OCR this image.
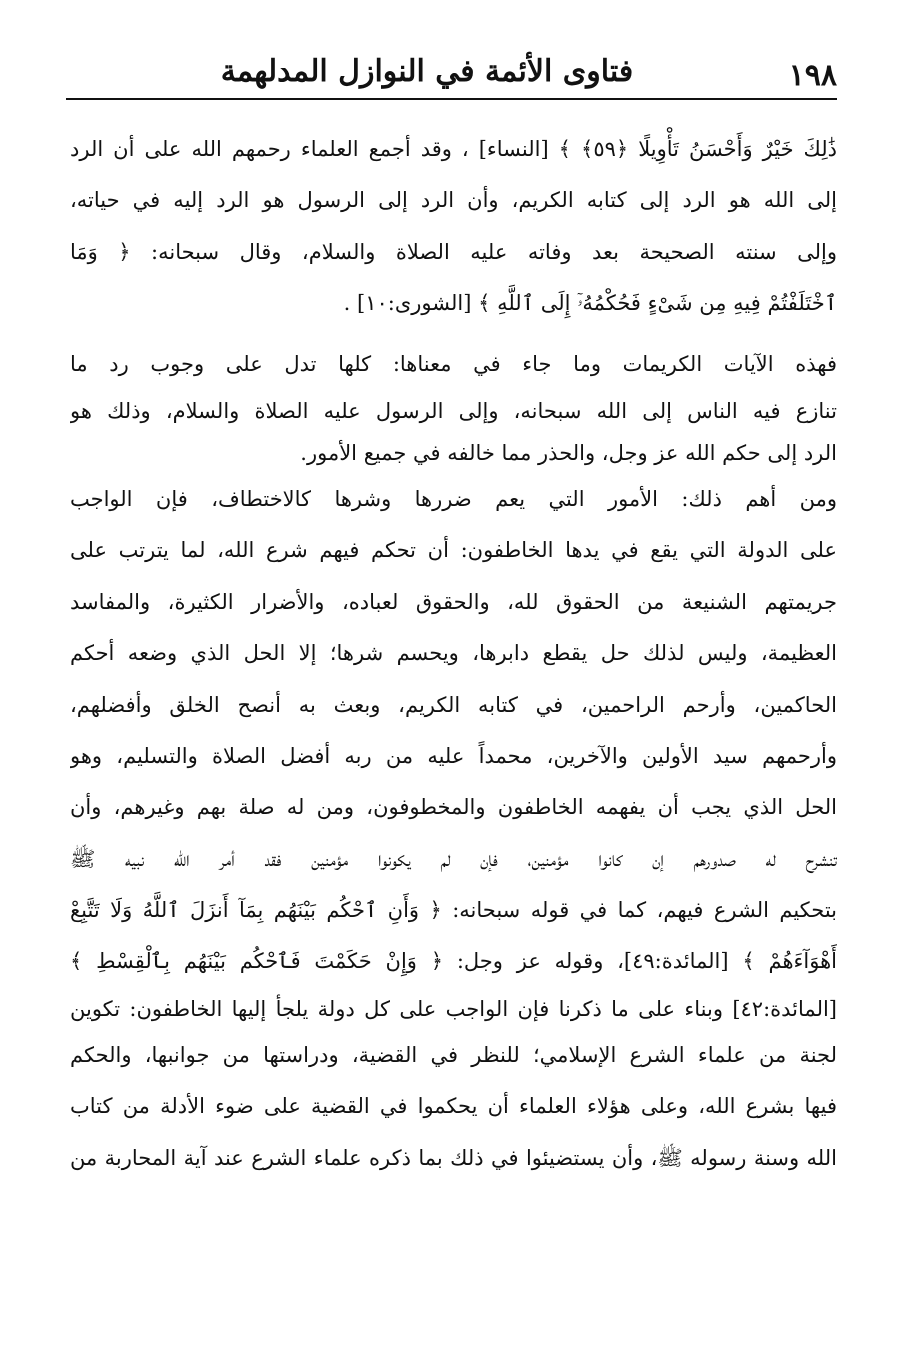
١٩٨
فتاوى الأئمة في النوازل المدلهمة
ذَٰلِكَ خَيْرٌ وَأَحْسَنُ تَأْوِيلًا ﴿٥٩﴾ ﴾ [النساء] ، وقد أجمع العلماء رحمهم الله على أن الرد
إلى الله هو الرد إلى كتابه الكريم، وأن الرد إلى الرسول هو الرد إليه في حياته،
وإلى سنته الصحيحة بعد وفاته عليه الصلاة والسلام، وقال سبحانه: ﴿ وَمَا
ٱخْتَلَفْتُمْ فِيهِ مِن شَىْءٍ فَحُكْمُهُۥٓ إِلَى ٱللَّهِ ﴾ [الشورى:١٠] .
فهذه الآيات الكريمات وما جاء في معناها: كلها تدل على وجوب رد ما
تنازع فيه الناس إلى الله سبحانه، وإلى الرسول عليه الصلاة والسلام، وذلك هو
الرد إلى حكم الله عز وجل، والحذر مما خالفه في جميع الأمور.
ومن أهم ذلك: الأمور التي يعم ضررها وشرها كالاختطاف، فإن الواجب
على الدولة التي يقع في يدها الخاطفون: أن تحكم فيهم شرع الله، لما يترتب على
جريمتهم الشنيعة من الحقوق لله، والحقوق لعباده، والأضرار الكثيرة، والمفاسد
العظيمة، وليس لذلك حل يقطع دابرها، ويحسم شرها؛ إلا الحل الذي وضعه أحكم
الحاكمين، وأرحم الراحمين، في كتابه الكريم، وبعث به أنصح الخلق وأفضلهم،
وأرحمهم سيد الأولين والآخرين، محمداً عليه من ربه أفضل الصلاة والتسليم، وهو
الحل الذي يجب أن يفهمه الخاطفون والمخطوفون، ومن له صلة بهم وغيرهم، وأن
تنشرح له صدورهم إن كانوا مؤمنين، فإن لم يكونوا مؤمنين فقد أمر الله نبيه ﷺ
بتحكيم الشرع فيهم، كما في قوله سبحانه: ﴿ وَأَنِ ٱحْكُم بَيْنَهُم بِمَآ أَنزَلَ ٱللَّهُ وَلَا تَتَّبِعْ
أَهْوَآءَهُمْ ﴾ [المائدة:٤٩]، وقوله عز وجل: ﴿ وَإِنْ حَكَمْتَ فَٱحْكُم بَيْنَهُم بِٱلْقِسْطِ ﴾
[المائدة:٤٢] وبناء على ما ذكرنا فإن الواجب على كل دولة يلجأ إليها الخاطفون: تكوين
لجنة من علماء الشرع الإسلامي؛ للنظر في القضية، ودراستها من جوانبها، والحكم
فيها بشرع الله، وعلى هؤلاء العلماء أن يحكموا في القضية على ضوء الأدلة من كتاب
الله وسنة رسوله ﷺ، وأن يستضيئوا في ذلك بما ذكره علماء الشرع عند آية المحاربة من
